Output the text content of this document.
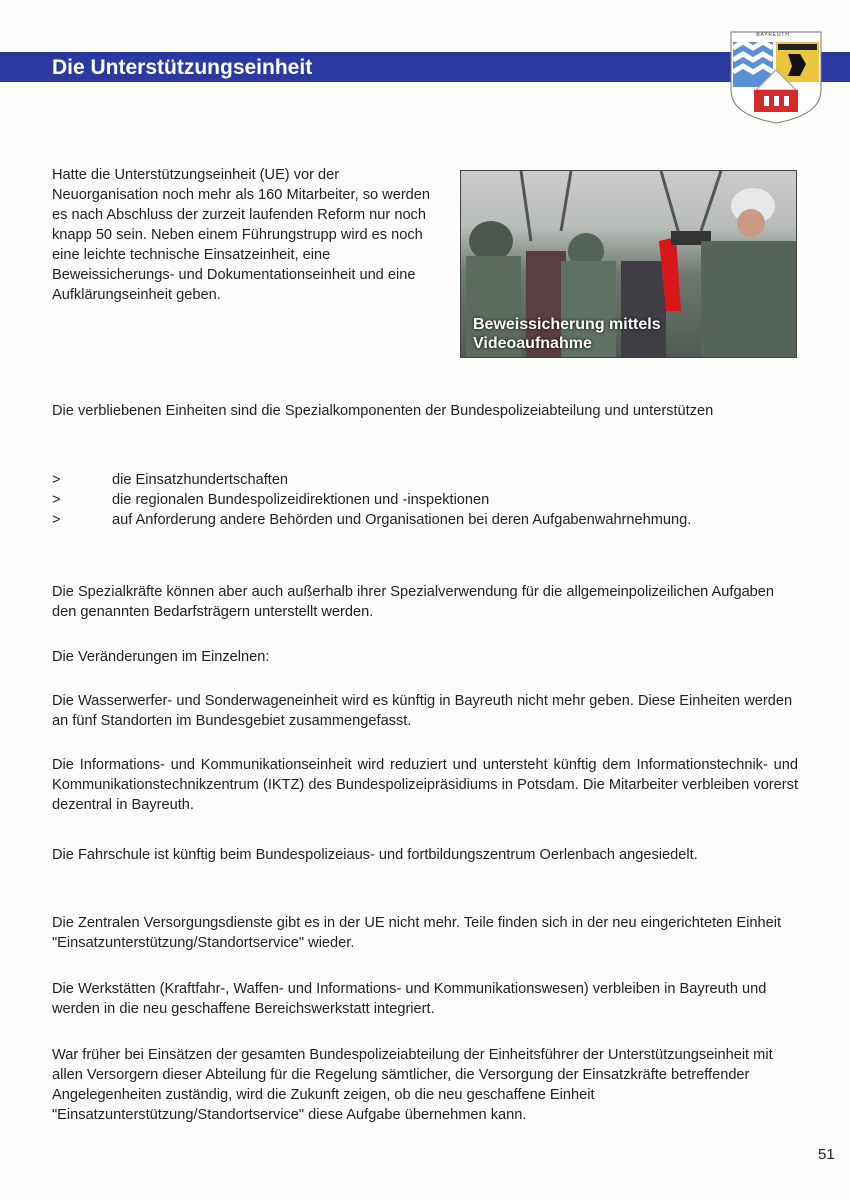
Die Unterstützungseinheit
BAYREUTH

Hatte die Unterstützungseinheit (UE) vor der Neuorganisation noch mehr als 160 Mitarbeiter, so werden es nach Abschluss der zurzeit laufenden Reform nur noch knapp 50 sein. Neben einem Führungstrupp wird es noch eine leichte technische Einsatzeinheit, eine Beweissicherungs- und Dokumentationseinheit und eine Aufklärungseinheit geben.

Beweissicherung mittels
Videoaufnahme

Die verbliebenen Einheiten sind die Spezialkomponenten der Bundespolizeiabteilung und unterstützen

>	die Einsatzhundertschaften
>	die regionalen Bundespolizeidirektionen und -inspektionen
>	auf Anforderung andere Behörden und Organisationen bei deren Aufgabenwahrnehmung.

Die Spezialkräfte können aber auch außerhalb ihrer Spezialverwendung für die allgemeinpolizeilichen Aufgaben den genannten Bedarfsträgern unterstellt werden.

Die Veränderungen im Einzelnen:

Die Wasserwerfer- und Sonderwageneinheit wird es künftig in Bayreuth nicht mehr geben. Diese Einheiten werden an fünf Standorten im Bundesgebiet zusammengefasst.

Die Informations- und Kommunikationseinheit wird reduziert und untersteht künftig dem Informationstechnik- und Kommunikationstechnikzentrum (IKTZ) des Bundespolizeipräsidiums in Potsdam. Die Mitarbeiter verbleiben vorerst dezentral in Bayreuth.

Die Fahrschule ist künftig beim Bundespolizeiaus- und fortbildungszentrum Oerlenbach angesiedelt.

Die Zentralen Versorgungsdienste gibt es in der UE nicht mehr. Teile finden sich in der neu eingerichteten Einheit "Einsatzunterstützung/Standortservice" wieder.

Die Werkstätten (Kraftfahr-, Waffen- und Informations- und Kommunikationswesen) verbleiben in Bayreuth und werden in die neu geschaffene Bereichswerkstatt integriert.

War früher bei Einsätzen der gesamten Bundespolizeiabteilung der Einheitsführer der Unterstützungseinheit mit allen Versorgern dieser Abteilung für die Regelung sämtlicher, die Versorgung der Einsatzkräfte betreffender Angelegenheiten zuständig, wird die Zukunft zeigen, ob die neu geschaffene Einheit "Einsatzunterstützung/Standortservice" diese Aufgabe übernehmen kann.

51
